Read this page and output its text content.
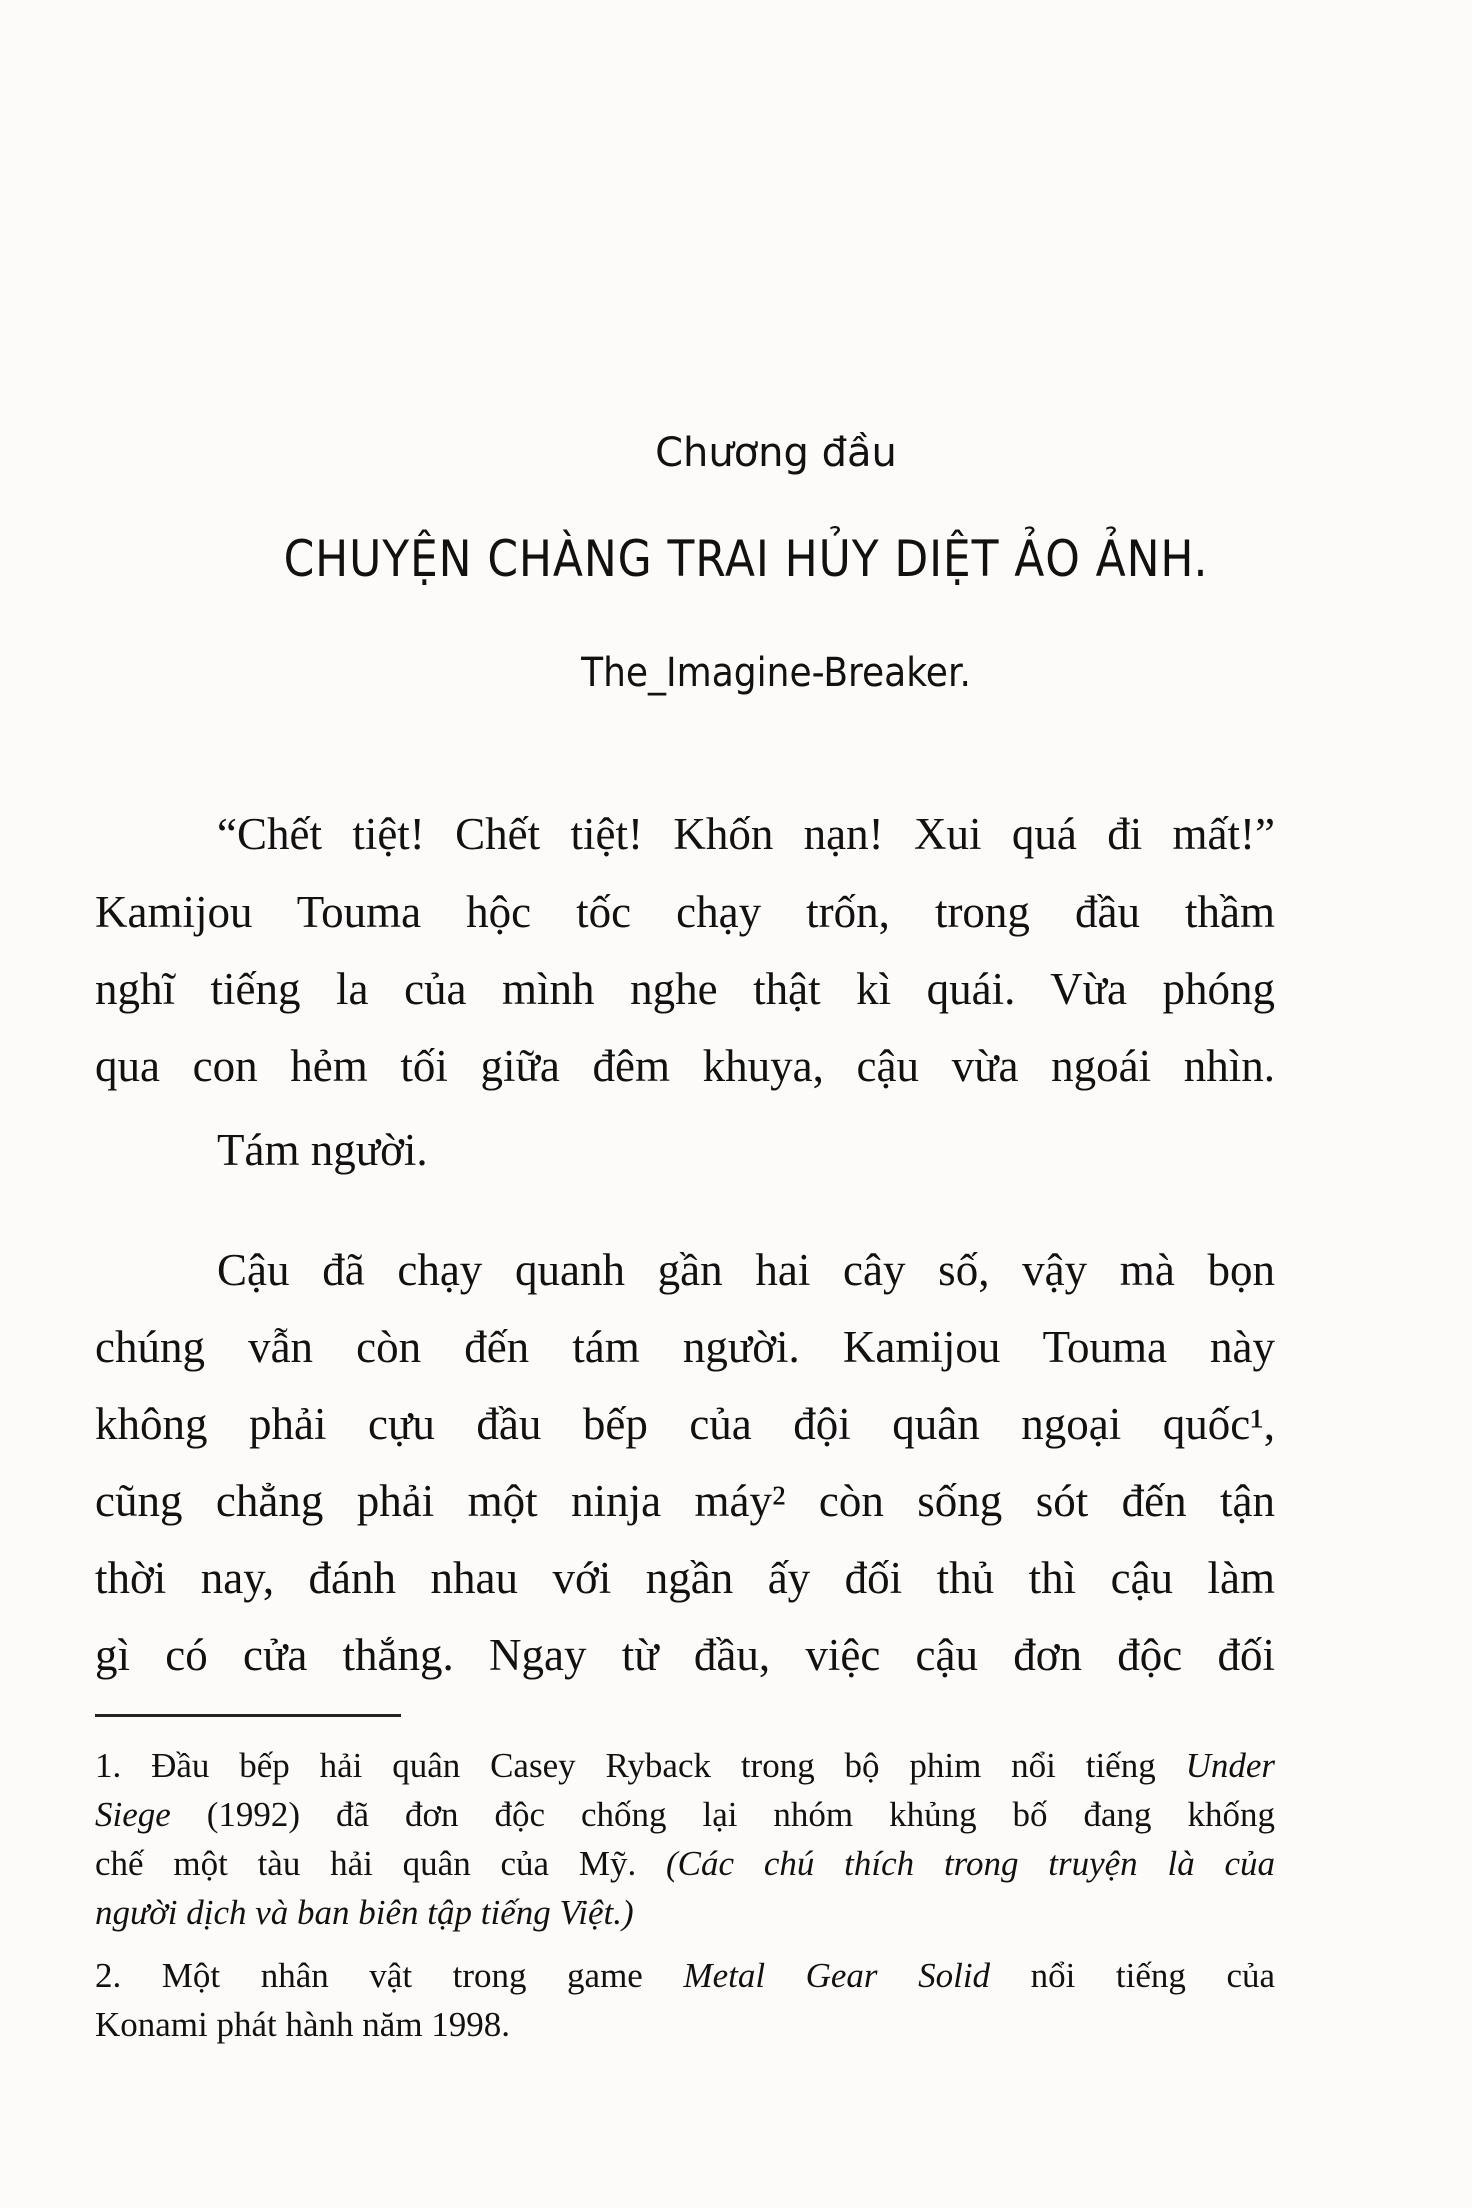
Chương đầu
CHUYỆN CHÀNG TRAI HỦY DIỆT ẢO ẢNH.
The_Imagine-Breaker.
“Chết tiệt! Chết tiệt! Khốn nạn! Xui quá đi mất!”
Kamijou Touma hộc tốc chạy trốn, trong đầu thầm
nghĩ tiếng la của mình nghe thật kì quái. Vừa phóng
qua con hẻm tối giữa đêm khuya, cậu vừa ngoái nhìn.
Tám người.
Cậu đã chạy quanh gần hai cây số, vậy mà bọn
chúng vẫn còn đến tám người. Kamijou Touma này
không phải cựu đầu bếp của đội quân ngoại quốc¹,
cũng chẳng phải một ninja máy² còn sống sót đến tận
thời nay, đánh nhau với ngần ấy đối thủ thì cậu làm
gì có cửa thắng. Ngay từ đầu, việc cậu đơn độc đối
1. Đầu bếp hải quân Casey Ryback trong bộ phim nổi tiếng Under
Siege (1992) đã đơn độc chống lại nhóm khủng bố đang khống
chế một tàu hải quân của Mỹ. (Các chú thích trong truyện là của
người dịch và ban biên tập tiếng Việt.)
2. Một nhân vật trong game Metal Gear Solid nổi tiếng của
Konami phát hành năm 1998.
